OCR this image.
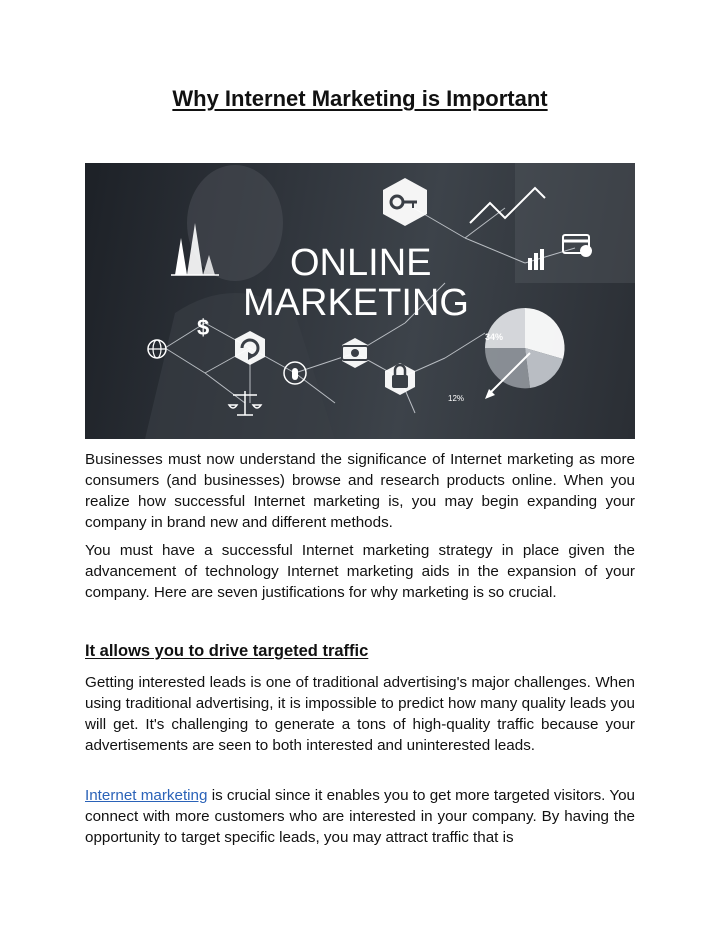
Why Internet Marketing is Important
$
ONLINE
MARKETING
34%
12%

Businesses must now understand the significance of Internet marketing as more consumers (and businesses) browse and research products online. When you realize how successful Internet marketing is, you may begin expanding your company in brand new and different methods.

You must have a successful Internet marketing strategy in place given the advancement of technology Internet marketing aids in the expansion of your company. Here are seven justifications for why marketing is so crucial.

It allows you to drive targeted traffic

Getting interested leads is one of traditional advertising's major challenges. When using traditional advertising, it is impossible to predict how many quality leads you will get. It's challenging to generate a tons of high-quality traffic because your advertisements are seen to both interested and uninterested leads.

Internet marketing is crucial since it enables you to get more targeted visitors. You connect with more customers who are interested in your company. By having the opportunity to target specific leads, you may attract traffic that is
